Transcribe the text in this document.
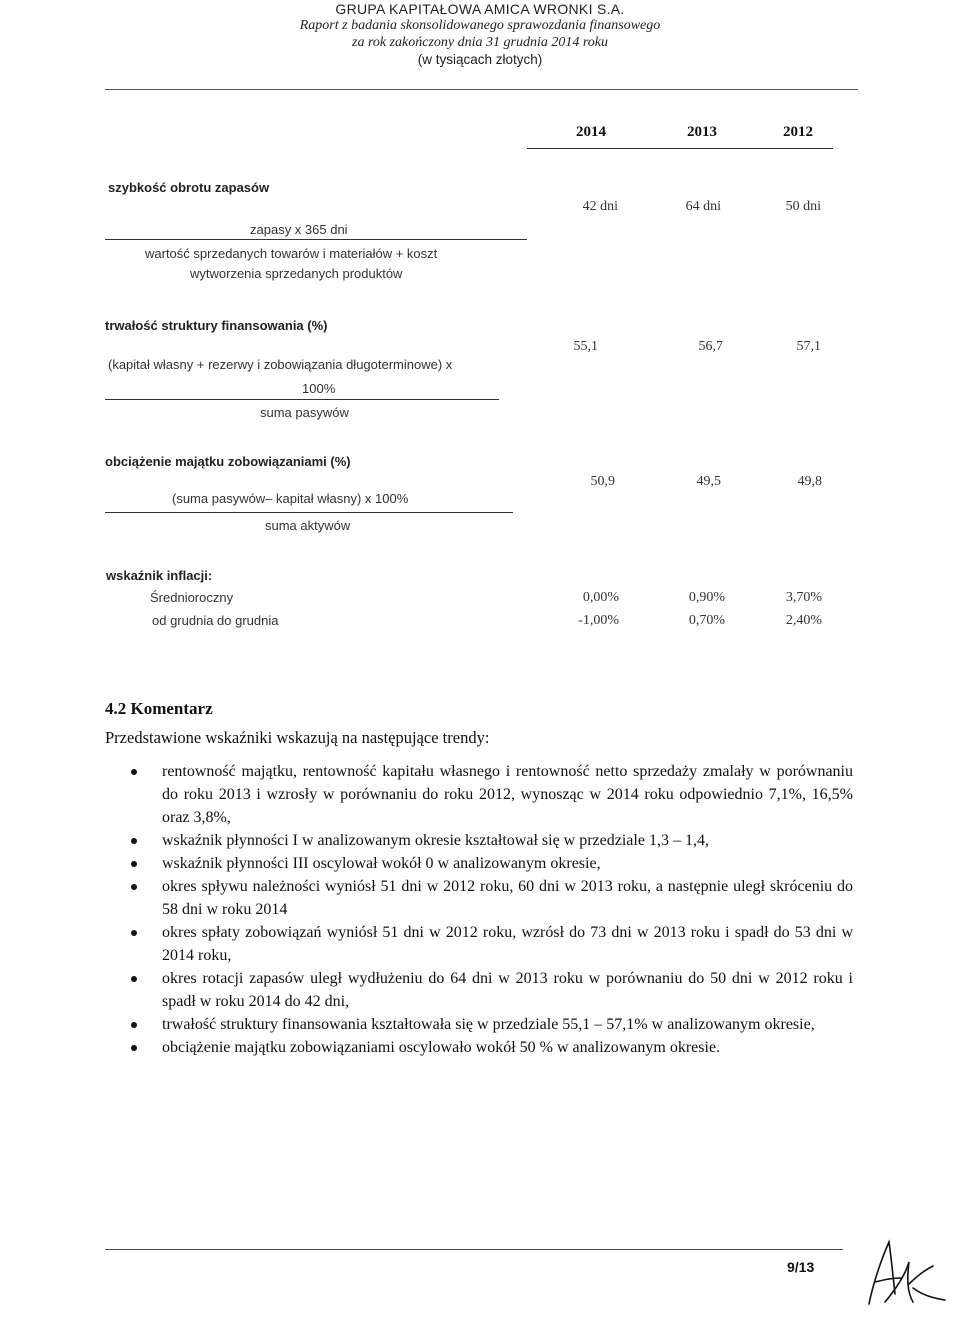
GRUPA KAPITAŁOWA AMICA WRONKI S.A.
Raport z badania skonsolidowanego sprawozdania finansowego
za rok zakończony dnia 31 grudnia 2014 roku
(w tysiącach złotych)
2014	2013	2012
szybkość obrotu zapasów
zapasy x 365 dni
wartość sprzedanych towarów i materiałów + koszt
wytworzenia sprzedanych produktów
42 dni	64 dni	50 dni
trwałość struktury finansowania (%)
(kapitał własny + rezerwy i zobowiązania długoterminowe) x
100%
suma pasywów
55,1	56,7	57,1
obciążenie majątku zobowiązaniami (%)
(suma pasywów– kapitał własny) x 100%
suma aktywów
50,9	49,5	49,8
wskaźnik inflacji:
Średnioroczny	0,00%	0,90%	3,70%
od grudnia do grudnia	-1,00%	0,70%	2,40%
4.2 Komentarz
Przedstawione wskaźniki wskazują na następujące trendy:
rentowność majątku, rentowność kapitału własnego i rentowność netto sprzedaży zmalały w porównaniu do roku 2013 i wzrosły w porównaniu do roku 2012, wynosząc w 2014 roku odpowiednio 7,1%, 16,5% oraz 3,8%,
wskaźnik płynności I w analizowanym okresie kształtował się w przedziale 1,3 – 1,4,
wskaźnik płynności III oscylował wokół 0 w analizowanym okresie,
okres spływu należności wyniósł 51 dni w 2012 roku, 60 dni w 2013 roku, a następnie uległ skróceniu do 58 dni w roku 2014
okres spłaty zobowiązań wyniósł 51 dni w 2012 roku, wzrósł do 73 dni w 2013 roku i spadł do 53 dni w 2014 roku,
okres rotacji zapasów uległ wydłużeniu do 64 dni w 2013 roku w porównaniu do 50 dni w 2012 roku i spadł w roku 2014 do 42 dni,
trwałość struktury finansowania kształtowała się w przedziale 55,1 – 57,1% w analizowanym okresie,
obciążenie majątku zobowiązaniami oscylowało wokół 50 % w analizowanym okresie.
9/13
